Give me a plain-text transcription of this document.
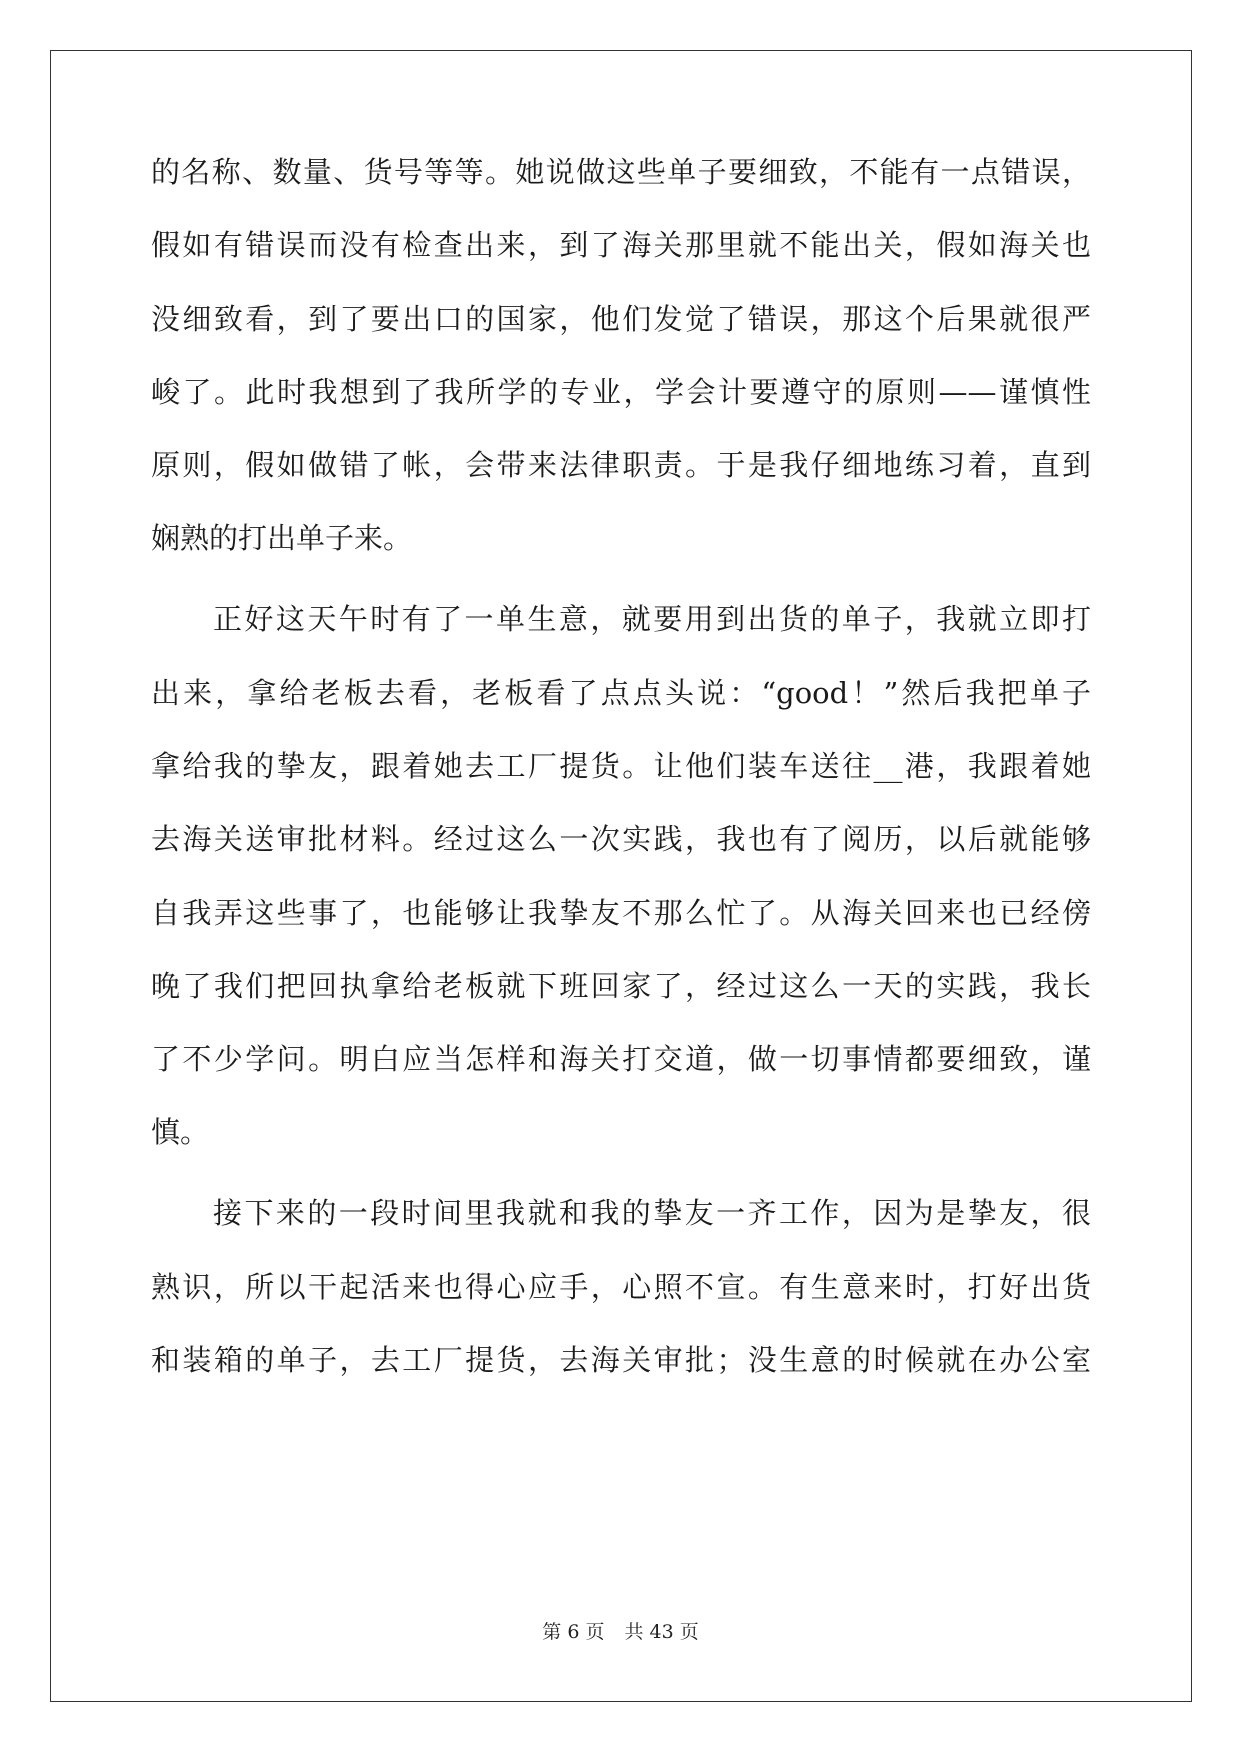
的名称、数量、货号等等。她说做这些单子要细致，不能有一点错误，
假如有错误而没有检查出来，到了海关那里就不能出关，假如海关也
没细致看，到了要出口的国家，他们发觉了错误，那这个后果就很严
峻了。此时我想到了我所学的专业，学会计要遵守的原则——谨慎性
原则，假如做错了帐，会带来法律职责。于是我仔细地练习着，直到
娴熟的打出单子来。
正好这天午时有了一单生意，就要用到出货的单子，我就立即打
出来，拿给老板去看，老板看了点点头说：“good！”然后我把单子
拿给我的挚友，跟着她去工厂提货。让他们装车送往__港，我跟着她
去海关送审批材料。经过这么一次实践，我也有了阅历，以后就能够
自我弄这些事了，也能够让我挚友不那么忙了。从海关回来也已经傍
晚了我们把回执拿给老板就下班回家了，经过这么一天的实践，我长
了不少学问。明白应当怎样和海关打交道，做一切事情都要细致，谨
慎。
接下来的一段时间里我就和我的挚友一齐工作，因为是挚友，很
熟识，所以干起活来也得心应手，心照不宣。有生意来时，打好出货
和装箱的单子，去工厂提货，去海关审批；没生意的时候就在办公室
第 6 页 共 43 页
